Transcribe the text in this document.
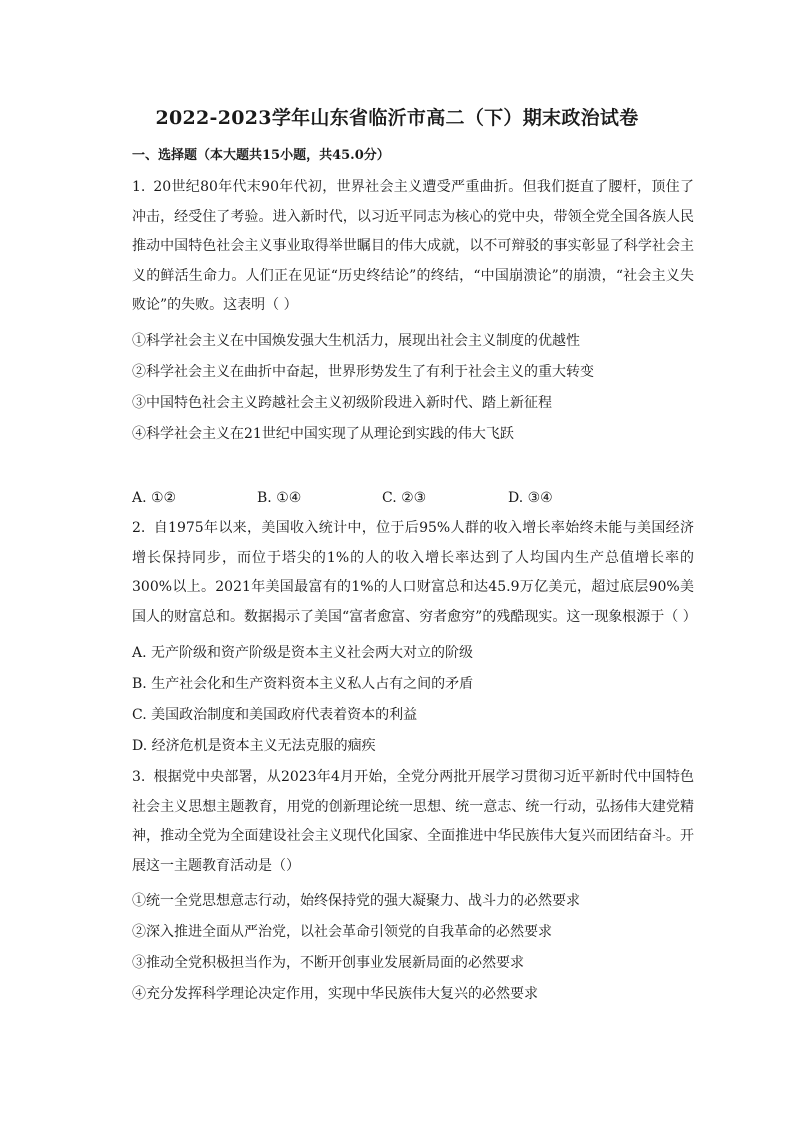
2022-2023学年山东省临沂市高二（下）期末政治试卷

一、选择题（本大题共15小题，共45.0分）

1. 20世纪80年代末90年代初，世界社会主义遭受严重曲折。但我们挺直了腰杆，顶住了冲击，经受住了考验。进入新时代，以习近平同志为核心的党中央，带领全党全国各族人民推动中国特色社会主义事业取得举世瞩目的伟大成就，以不可辩驳的事实彰显了科学社会主义的鲜活生命力。人们正在见证“历史终结论”的终结，“中国崩溃论”的崩溃，“社会主义失败论”的失败。这表明（ ）

①科学社会主义在中国焕发强大生机活力，展现出社会主义制度的优越性

②科学社会主义在曲折中奋起，世界形势发生了有利于社会主义的重大转变

③中国特色社会主义跨越社会主义初级阶段进入新时代、踏上新征程

④科学社会主义在21世纪中国实现了从理论到实践的伟大飞跃

A. ①②	B. ①④	C. ②③	D. ③④

2. 自1975年以来，美国收入统计中，位于后95%人群的收入增长率始终未能与美国经济增长保持同步，而位于塔尖的1%的人的收入增长率达到了人均国内生产总值增长率的300%以上。2021年美国最富有的1%的人口财富总和达45.9万亿美元，超过底层90%美国人的财富总和。数据揭示了美国“富者愈富、穷者愈穷”的残酷现实。这一现象根源于（ ）

A. 无产阶级和资产阶级是资本主义社会两大对立的阶级

B. 生产社会化和生产资料资本主义私人占有之间的矛盾

C. 美国政治制度和美国政府代表着资本的利益

D. 经济危机是资本主义无法克服的痼疾

3. 根据党中央部署，从2023年4月开始，全党分两批开展学习贯彻习近平新时代中国特色社会主义思想主题教育，用党的创新理论统一思想、统一意志、统一行动，弘扬伟大建党精神，推动全党为全面建设社会主义现代化国家、全面推进中华民族伟大复兴而团结奋斗。开展这一主题教育活动是（）

①统一全党思想意志行动，始终保持党的强大凝聚力、战斗力的必然要求

②深入推进全面从严治党，以社会革命引领党的自我革命的必然要求

③推动全党积极担当作为，不断开创事业发展新局面的必然要求

④充分发挥科学理论决定作用，实现中华民族伟大复兴的必然要求
